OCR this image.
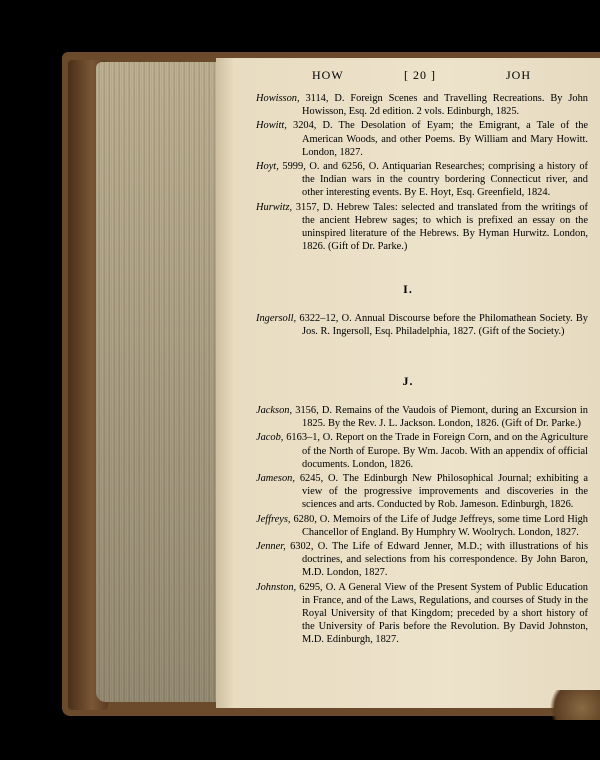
HOW	[ 20 ]	JOH

Howisson, 3114, D. Foreign Scenes and Travelling Recreations. By John Howisson, Esq. 2d edition. 2 vols. Edinburgh, 1825.

Howitt, 3204, D. The Desolation of Eyam; the Emigrant, a Tale of the American Woods, and other Poems. By William and Mary Howitt. London, 1827.

Hoyt, 5999, O. and 6256, O. Antiquarian Researches; comprising a history of the Indian wars in the country bordering Connecticut river, and other interesting events. By E. Hoyt, Esq. Greenfield, 1824.

Hurwitz, 3157, D. Hebrew Tales: selected and translated from the writings of the ancient Hebrew sages; to which is prefixed an essay on the uninspired literature of the Hebrews. By Hyman Hurwitz. London, 1826. (Gift of Dr. Parke.)

I.

Ingersoll, 6322–12, O. Annual Discourse before the Philomathean Society. By Jos. R. Ingersoll, Esq. Philadelphia, 1827. (Gift of the Society.)

J.

Jackson, 3156, D. Remains of the Vaudois of Piemont, during an Excursion in 1825. By the Rev. J. L. Jackson. London, 1826. (Gift of Dr. Parke.)

Jacob, 6163–1, O. Report on the Trade in Foreign Corn, and on the Agriculture of the North of Europe. By Wm. Jacob. With an appendix of official documents. London, 1826.

Jameson, 6245, O. The Edinburgh New Philosophical Journal; exhibiting a view of the progressive improvements and discoveries in the sciences and arts. Conducted by Rob. Jameson. Edinburgh, 1826.

Jeffreys, 6280, O. Memoirs of the Life of Judge Jeffreys, some time Lord High Chancellor of England. By Humphry W. Woolrych. London, 1827.

Jenner, 6302, O. The Life of Edward Jenner, M.D.; with illustrations of his doctrines, and selections from his correspondence. By John Baron, M.D. London, 1827.

Johnston, 6295, O. A General View of the Present System of Public Education in France, and of the Laws, Regulations, and courses of Study in the Royal University of that Kingdom; preceded by a short history of the University of Paris before the Revolution. By David Johnston, M.D. Edinburgh, 1827.
